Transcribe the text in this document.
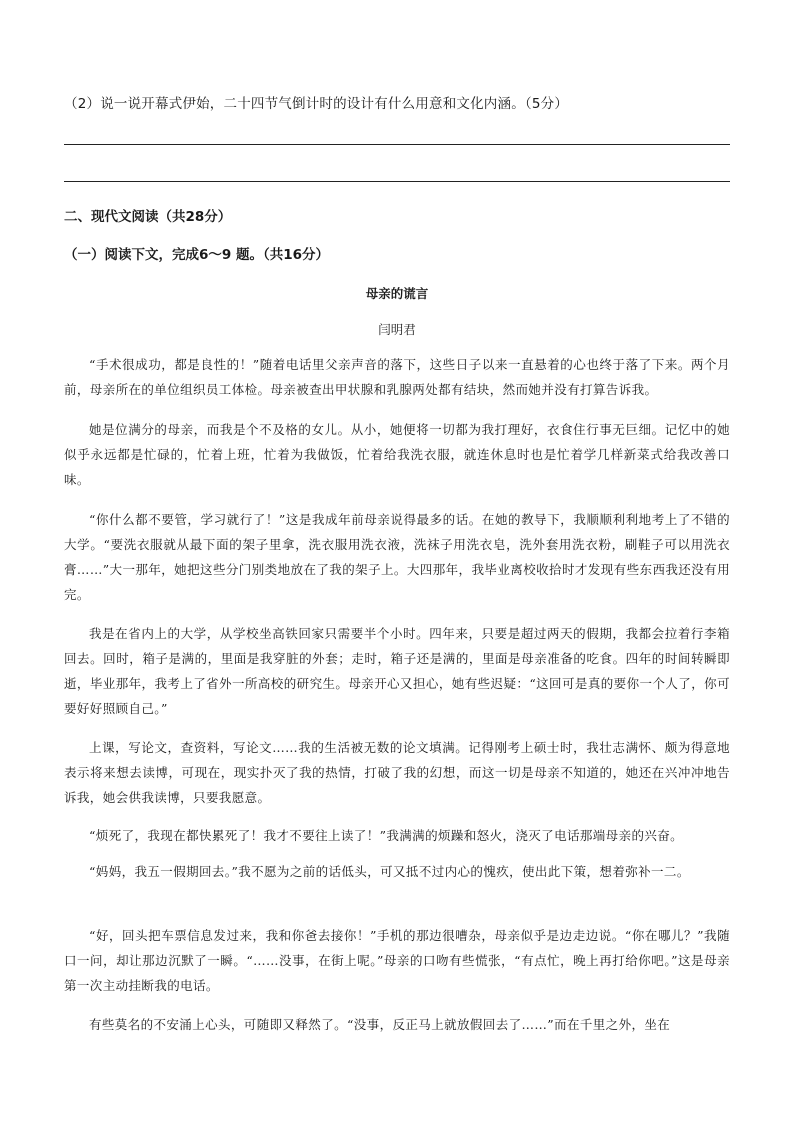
（2）说一说开幕式伊始，二十四节气倒计时的设计有什么用意和文化内涵。（5分）
二、现代文阅读（共28分）
（一）阅读下文，完成6～9 题。（共16分）
母亲的谎言
闫明君

“手术很成功，都是良性的！”随着电话里父亲声音的落下，这些日子以来一直悬着的心也终于落了下来。两个月前，母亲所在的单位组织员工体检。母亲被查出甲状腺和乳腺两处都有结块，然而她并没有打算告诉我。

她是位满分的母亲，而我是个不及格的女儿。从小，她便将一切都为我打理好，衣食住行事无巨细。记忆中的她似乎永远都是忙碌的，忙着上班，忙着为我做饭，忙着给我洗衣服，就连休息时也是忙着学几样新菜式给我改善口味。

“你什么都不要管，学习就行了！”这是我成年前母亲说得最多的话。在她的教导下，我顺顺利利地考上了不错的大学。“要洗衣服就从最下面的架子里拿，洗衣服用洗衣液，洗袜子用洗衣皂，洗外套用洗衣粉，刷鞋子可以用洗衣膏……”大一那年，她把这些分门别类地放在了我的架子上。大四那年，我毕业离校收拾时才发现有些东西我还没有用完。

我是在省内上的大学，从学校坐高铁回家只需要半个小时。四年来，只要是超过两天的假期，我都会拉着行李箱回去。回时，箱子是满的，里面是我穿脏的外套；走时，箱子还是满的，里面是母亲准备的吃食。四年的时间转瞬即逝，毕业那年，我考上了省外一所高校的研究生。母亲开心又担心，她有些迟疑：“这回可是真的要你一个人了，你可要好好照顾自己。”

上课，写论文，查资料，写论文……我的生活被无数的论文填满。记得刚考上硕士时，我壮志满怀、颇为得意地表示将来想去读博，可现在，现实扑灭了我的热情，打破了我的幻想，而这一切是母亲不知道的，她还在兴冲冲地告诉我，她会供我读博，只要我愿意。

“烦死了，我现在都快累死了！我才不要往上读了！”我满满的烦躁和怒火，浇灭了电话那端母亲的兴奋。

“妈妈，我五一假期回去。”我不愿为之前的话低头，可又抵不过内心的愧疚，使出此下策，想着弥补一二。

“好，回头把车票信息发过来，我和你爸去接你！”手机的那边很嘈杂，母亲似乎是边走边说。“你在哪儿？”我随口一问，却让那边沉默了一瞬。“……没事，在街上呢。”母亲的口吻有些慌张，“有点忙，晚上再打给你吧。”这是母亲第一次主动挂断我的电话。

有些莫名的不安涌上心头，可随即又释然了。“没事，反正马上就放假回去了……”而在千里之外，坐在
